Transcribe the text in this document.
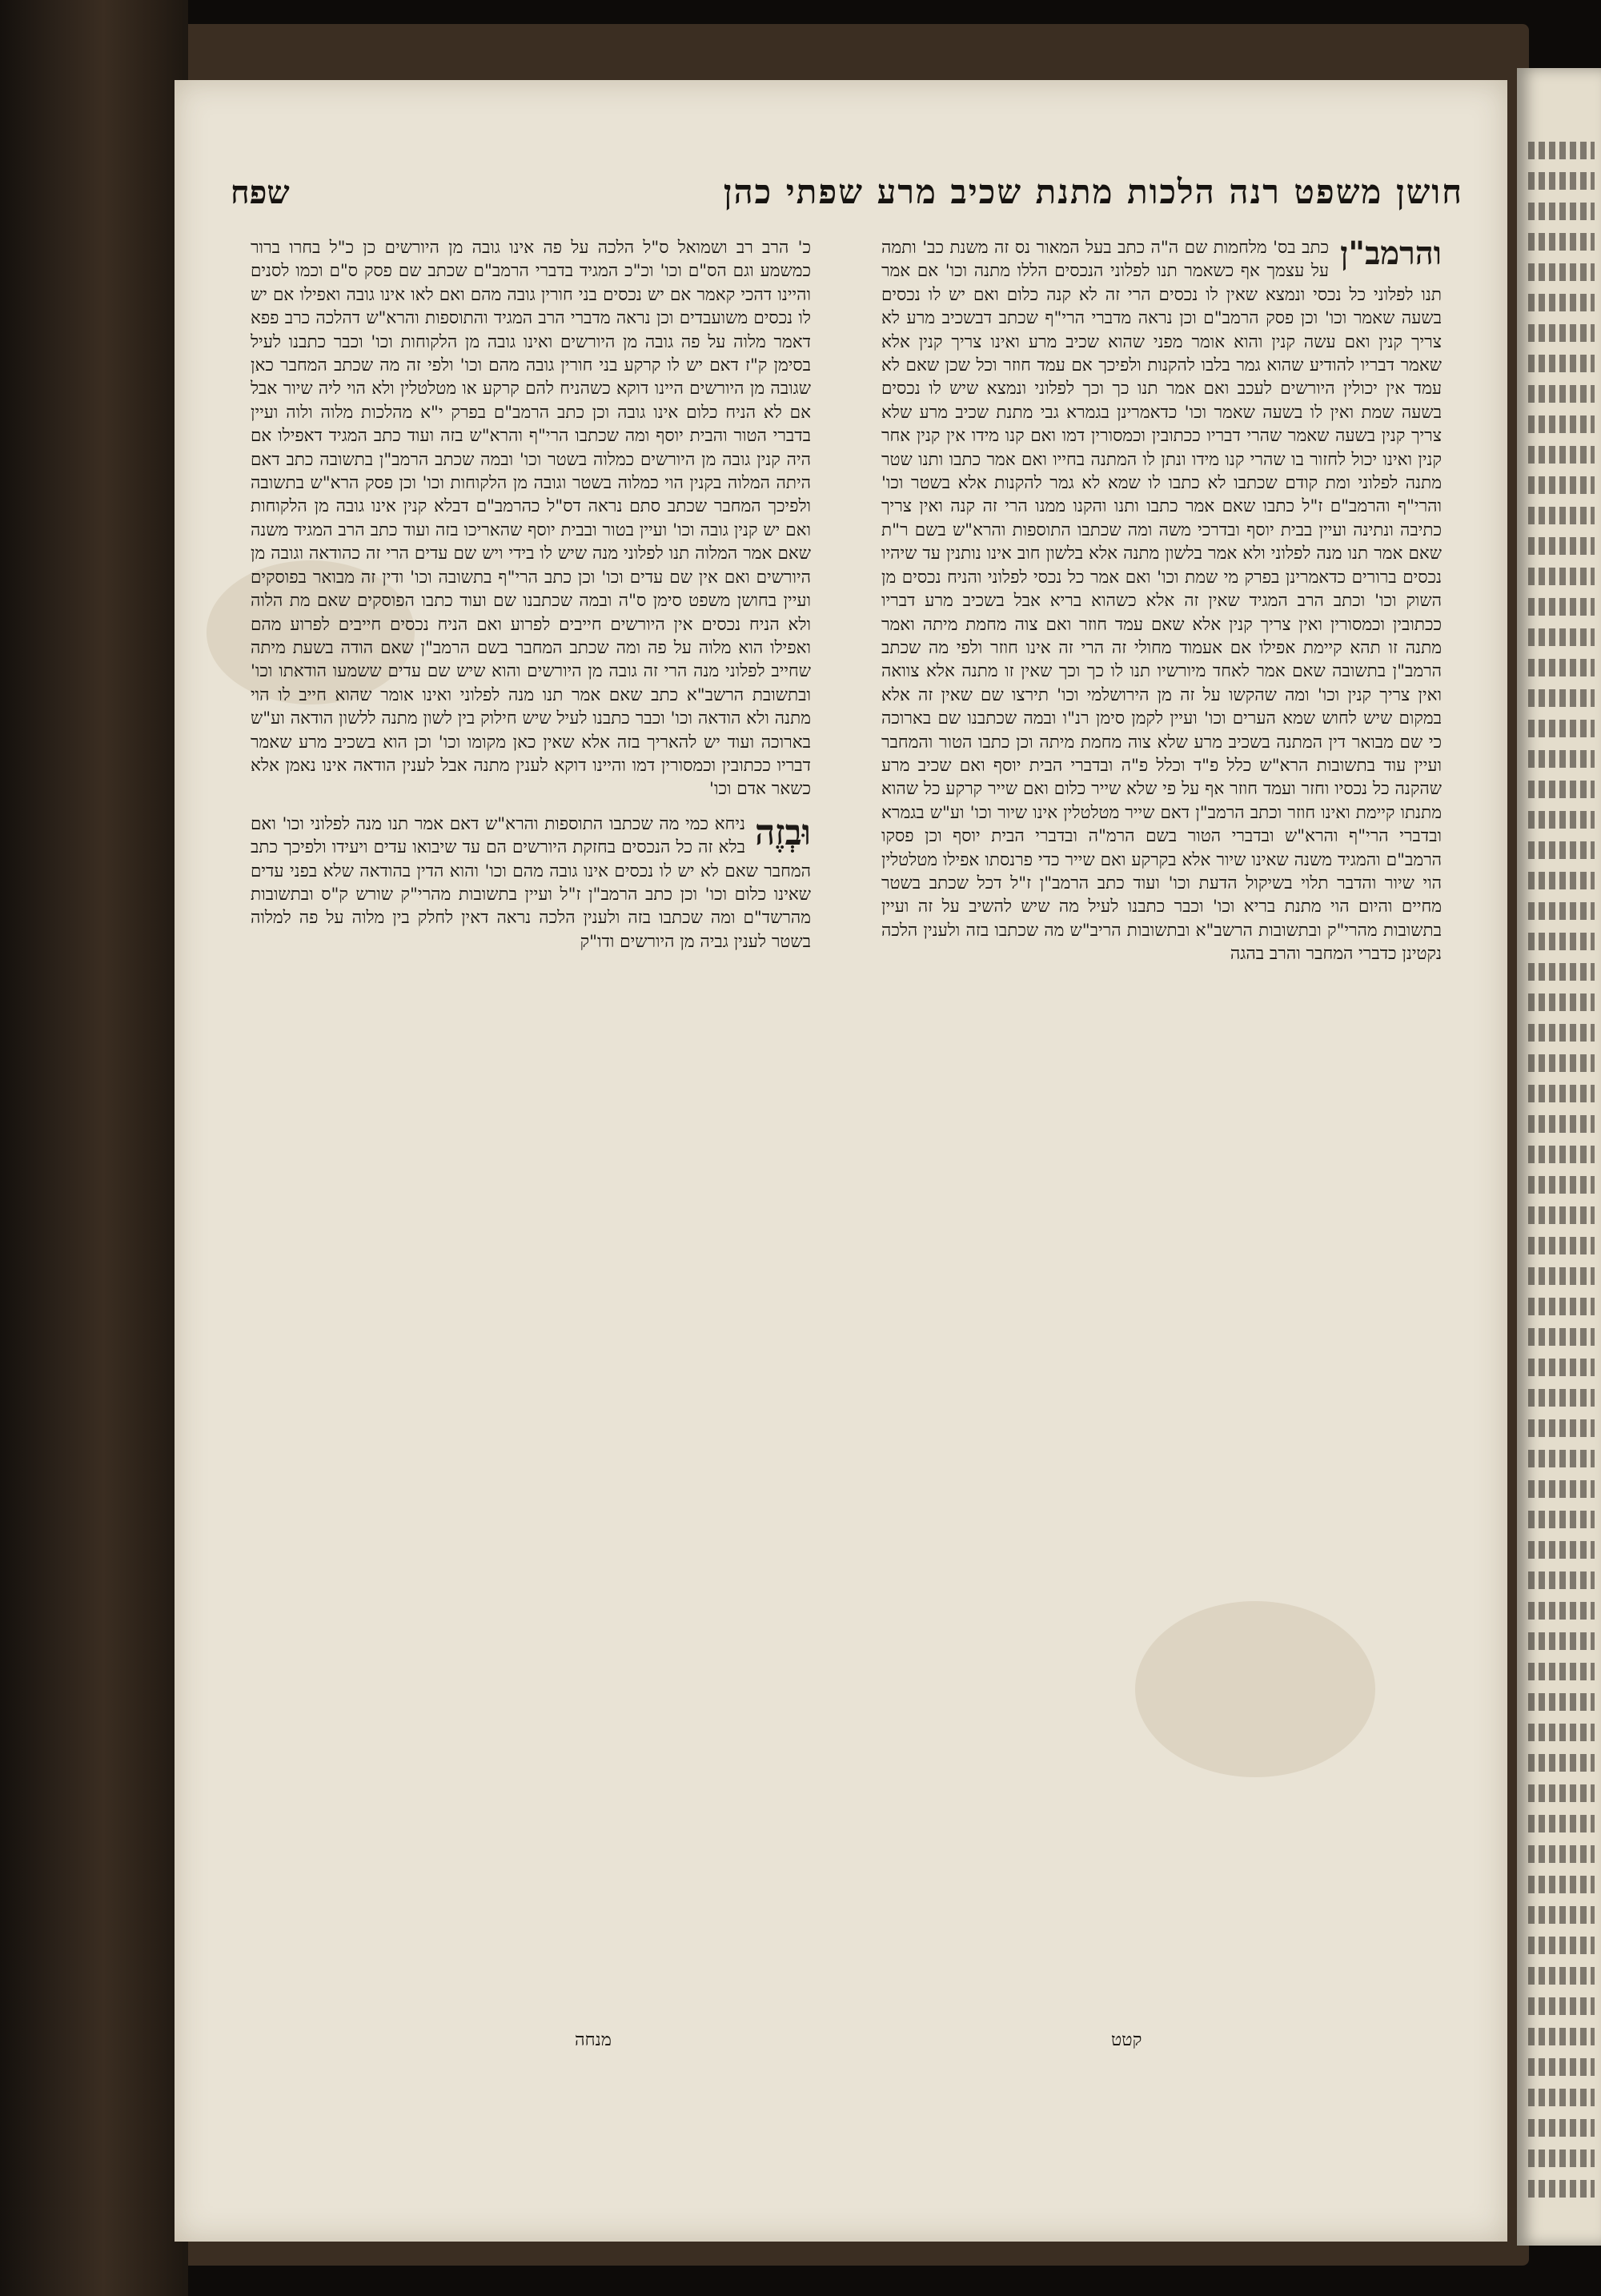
חושן משפט רנה הלכות מתנת שכיב מרע שפתי כהן
שפח
והרמב"ן
כתב בס' מלחמות שם ה"ה כתב בעל המאור נס זה משנת כב' ותמה על עצמך אף כשאמר תנו לפלוני הנכסים הללו מתנה וכו' אם אמר תנו לפלוני כל נכסי ונמצא שאין לו נכסים הרי זה לא קנה כלום ואם יש לו נכסים בשעה שאמר וכו' וכן פסק הרמב"ם וכן נראה מדברי הרי"ף שכתב דבשכיב מרע לא צריך קנין ואם עשה קנין והוא אומר מפני שהוא שכיב מרע ואינו צריך קנין אלא שאמר דבריו להודיע שהוא גמר בלבו להקנות ולפיכך אם עמד חוזר וכל שכן שאם לא עמד אין יכולין היורשים לעכב ואם אמר תנו כך וכך לפלוני ונמצא שיש לו נכסים בשעה שמת ואין לו בשעה שאמר וכו' כדאמרינן בגמרא גבי מתנת שכיב מרע שלא צריך קנין בשעה שאמר שהרי דבריו ככתובין וכמסורין דמו ואם קנו מידו אין קנין אחר קנין ואינו יכול לחזור בו שהרי קנו מידו ונתן לו המתנה בחייו ואם אמר כתבו ותנו שטר מתנה לפלוני ומת קודם שכתבו לא כתבו לו שמא לא גמר להקנות אלא בשטר וכו' והרי"ף והרמב"ם ז"ל כתבו שאם אמר כתבו ותנו והקנו ממנו הרי זה קנה ואין צריך כתיבה ונתינה ועיין בבית יוסף ובדרכי משה ומה שכתבו התוספות והרא"ש בשם ר"ת שאם אמר תנו מנה לפלוני ולא אמר בלשון מתנה אלא בלשון חוב אינו נותנין עד שיהיו נכסים ברורים כדאמרינן בפרק מי שמת וכו' ואם אמר כל נכסי לפלוני והניח נכסים מן השוק וכו' וכתב הרב המגיד שאין זה אלא כשהוא בריא אבל בשכיב מרע דבריו ככתובין וכמסורין ואין צריך קנין אלא שאם עמד חוזר ואם צוה מחמת מיתה ואמר מתנה זו תהא קיימת אפילו אם אעמוד מחולי זה הרי זה אינו חוזר ולפי מה שכתב הרמב"ן בתשובה שאם אמר לאחד מיורשיו תנו לו כך וכך שאין זו מתנה אלא צוואה ואין צריך קנין וכו' ומה שהקשו על זה מן הירושלמי וכו' תירצו שם שאין זה אלא במקום שיש לחוש שמא הערים וכו' ועיין לקמן סימן רנ"ו ובמה שכתבנו שם בארוכה כי שם מבואר דין המתנה בשכיב מרע שלא צוה מחמת מיתה וכן כתבו הטור והמחבר ועיין עוד בתשובות הרא"ש כלל פ"ד וכלל פ"ה ובדברי הבית יוסף ואם שכיב מרע שהקנה כל נכסיו וחזר ועמד חוזר אף על פי שלא שייר כלום ואם שייר קרקע כל שהוא מתנתו קיימת ואינו חוזר וכתב הרמב"ן דאם שייר מטלטלין אינו שיור וכו' וע"ש בגמרא ובדברי הרי"ף והרא"ש ובדברי הטור בשם הרמ"ה ובדברי הבית יוסף וכן פסקו הרמב"ם והמגיד משנה שאינו שיור אלא בקרקע ואם שייר כדי פרנסתו אפילו מטלטלין הוי שיור והדבר תלוי בשיקול הדעת וכו' ועוד כתב הרמב"ן ז"ל דכל שכתב בשטר מחיים והיום הוי מתנת בריא וכו' וכבר כתבנו לעיל מה שיש להשיב על זה ועיין בתשובות מהרי"ק ובתשובות הרשב"א ובתשובות הריב"ש מה שכתבו בזה ולענין הלכה נקטינן כדברי המחבר והרב בהגה
כ' הרב רב ושמואל ס"ל הלכה על פה אינו גובה מן היורשים כן כ"ל בחרו ברור כמשמע וגם הס"ם וכו' וכ"כ המגיד בדברי הרמב"ם שכתב שם פסק ס"ם וכמו לסנים והיינו דהכי קאמר אם יש נכסים בני חורין גובה מהם ואם לאו אינו גובה ואפילו אם יש לו נכסים משועבדים וכן נראה מדברי הרב המגיד והתוספות והרא"ש דהלכה כרב פפא דאמר מלוה על פה גובה מן היורשים ואינו גובה מן הלקוחות וכו' וכבר כתבנו לעיל בסימן ק"ז דאם יש לו קרקע בני חורין גובה מהם וכו' ולפי זה מה שכתב המחבר כאן שגובה מן היורשים היינו דוקא כשהניח להם קרקע או מטלטלין ולא הוי ליה שיור אבל אם לא הניח כלום אינו גובה וכן כתב הרמב"ם בפרק י"א מהלכות מלוה ולוה ועיין בדברי הטור והבית יוסף ומה שכתבו הרי"ף והרא"ש בזה ועוד כתב המגיד דאפילו אם היה קנין גובה מן היורשים כמלוה בשטר וכו' ובמה שכתב הרמב"ן בתשובה כתב דאם היתה המלוה בקנין הוי כמלוה בשטר וגובה מן הלקוחות וכו' וכן פסק הרא"ש בתשובה ולפיכך המחבר שכתב סתם נראה דס"ל כהרמב"ם דבלא קנין אינו גובה מן הלקוחות ואם יש קנין גובה וכו' ועיין בטור ובבית יוסף שהאריכו בזה ועוד כתב הרב המגיד משנה שאם אמר המלוה תנו לפלוני מנה שיש לו בידי ויש שם עדים הרי זה כהודאה וגובה מן היורשים ואם אין שם עדים וכו' וכן כתב הרי"ף בתשובה וכו' ודין זה מבואר בפוסקים ועיין בחושן משפט סימן ס"ה ובמה שכתבנו שם ועוד כתבו הפוסקים שאם מת הלוה ולא הניח נכסים אין היורשים חייבים לפרוע ואם הניח נכסים חייבים לפרוע מהם ואפילו הוא מלוה על פה ומה שכתב המחבר בשם הרמב"ן שאם הודה בשעת מיתה שחייב לפלוני מנה הרי זה גובה מן היורשים והוא שיש שם עדים ששמעו הודאתו וכו' ובתשובת הרשב"א כתב שאם אמר תנו מנה לפלוני ואינו אומר שהוא חייב לו הוי מתנה ולא הודאה וכו' וכבר כתבנו לעיל שיש חילוק בין לשון מתנה ללשון הודאה וע"ש בארוכה ועוד יש להאריך בזה אלא שאין כאן מקומו וכו' וכן הוא בשכיב מרע שאמר דבריו ככתובין וכמסורין דמו והיינו דוקא לענין מתנה אבל לענין הודאה אינו נאמן אלא כשאר אדם וכו'
וּבְזֶה
ניחא כמי מה שכתבו התוספות והרא"ש דאם אמר תנו מנה לפלוני וכו' ואם בלא זה כל הנכסים בחזקת היורשים הם עד שיבואו עדים ויעידו ולפיכך כתב המחבר שאם לא יש לו נכסים אינו גובה מהם וכו' והוא הדין בהודאה שלא בפני עדים שאינו כלום וכו' וכן כתב הרמב"ן ז"ל ועיין בתשובות מהרי"ק שורש ק"ס ובתשובות מהרשד"ם ומה שכתבו בזה ולענין הלכה נראה דאין לחלק בין מלוה על פה למלוה בשטר לענין גביה מן היורשים ודו"ק
קטט
מנחה
